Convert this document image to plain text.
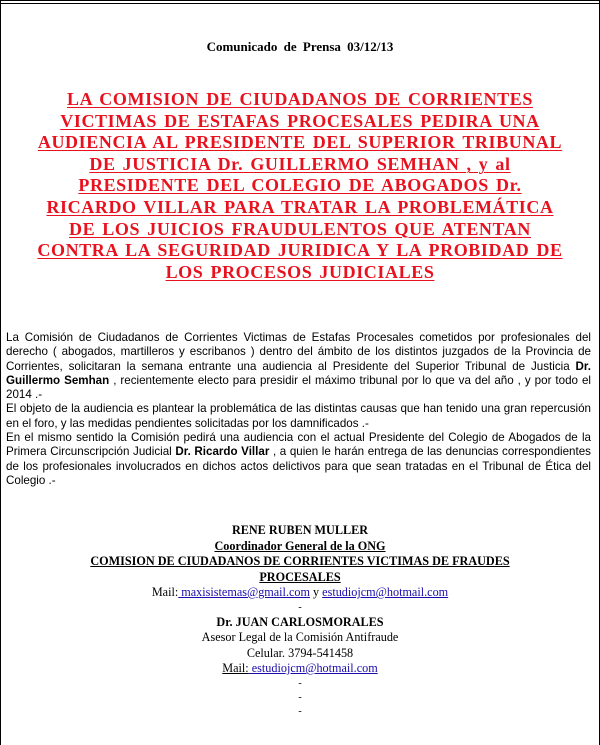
Comunicado de Prensa 03/12/13
LA COMISION DE CIUDADANOS DE CORRIENTES
VICTIMAS DE ESTAFAS PROCESALES PEDIRA UNA
AUDIENCIA AL PRESIDENTE DEL SUPERIOR TRIBUNAL
DE JUSTICIA Dr. GUILLERMO SEMHAN , y al
PRESIDENTE DEL COLEGIO DE ABOGADOS Dr.
RICARDO VILLAR PARA TRATAR LA PROBLEMÁTICA
DE LOS JUICIOS FRAUDULENTOS QUE ATENTAN
CONTRA LA SEGURIDAD JURIDICA Y LA PROBIDAD DE
LOS PROCESOS JUDICIALES

La Comisión de Ciudadanos de Corrientes Victimas de Estafas Procesales cometidos por profesionales del derecho ( abogados, martilleros y escribanos ) dentro del ámbito de los distintos juzgados de la Provincia de Corrientes, solicitaran la semana entrante una audiencia al Presidente del Superior Tribunal de Justicia Dr. Guillermo Semhan , recientemente electo para presidir el máximo tribunal por lo que va del año , y por todo el 2014 .-

El objeto de la audiencia es plantear la problemática de las distintas causas que han tenido una gran repercusión en el foro, y las medidas pendientes solicitadas por los damnificados .-

En el mismo sentido la Comisión pedirá una audiencia con el actual Presidente del Colegio de Abogados de la Primera Circunscripción Judicial Dr. Ricardo Villar , a quien le harán entrega de las denuncias correspondientes de los profesionales involucrados en dichos actos delictivos para que sean tratadas en el Tribunal de Ética del Colegio .-

RENE RUBEN MULLER
Coordinador General de la ONG
COMISION DE CIUDADANOS DE CORRIENTES VICTIMAS DE FRAUDES
PROCESALES
Mail: maxisistemas@gmail.com y estudiojcm@hotmail.com
-
Dr. JUAN CARLOSMORALES
Asesor Legal de la Comisión Antifraude
Celular. 3794-541458
Mail: estudiojcm@hotmail.com
-
-
-
